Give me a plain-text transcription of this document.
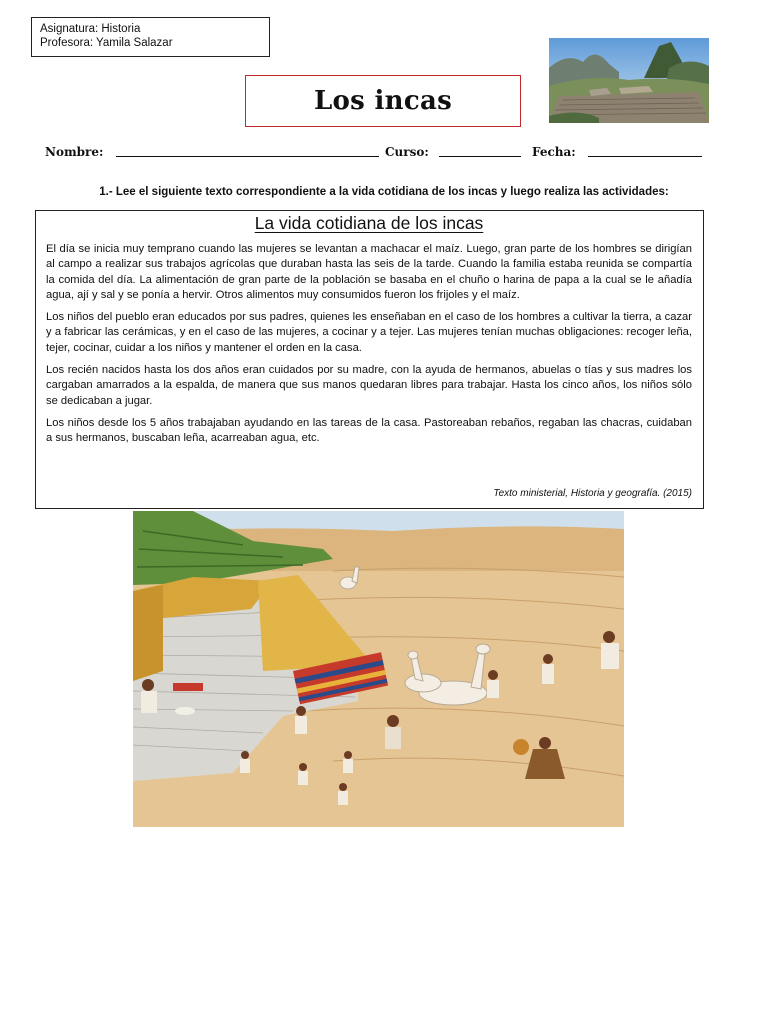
Asignatura: Historia
Profesora: Yamila Salazar
Los incas
Nombre:	Curso:	Fecha:
1.- Lee el siguiente texto correspondiente a la vida cotidiana de los incas y luego realiza las actividades:
La vida cotidiana de los incas

El día se inicia muy temprano cuando las mujeres se levantan a machacar el maíz. Luego, gran parte de los hombres se dirigían al campo a realizar sus trabajos agrícolas que duraban hasta las seis de la tarde. Cuando la familia estaba reunida se compartía la comida del día. La alimentación de gran parte de la población se basaba en el chuño o harina de papa a la cual se le añadía agua, ají y sal y se ponía a hervir. Otros alimentos muy consumidos fueron los frijoles y el maíz.

Los niños del pueblo eran educados por sus padres, quienes les enseñaban en el caso de los hombres a cultivar la tierra, a cazar y a fabricar las cerámicas, y en el caso de las mujeres, a cocinar y a tejer. Las mujeres tenían muchas obligaciones: recoger leña, tejer, cocinar, cuidar a los niños y mantener el orden en la casa.

Los recién nacidos hasta los dos años eran cuidados por su madre, con la ayuda de hermanos, abuelas o tías y sus madres los cargaban amarrados a la espalda, de manera que sus manos quedaran libres para trabajar. Hasta los cinco años, los niños sólo se dedicaban a jugar.

Los niños desde los 5 años trabajaban ayudando en las tareas de la casa. Pastoreaban rebaños, regaban las chacras, cuidaban a sus hermanos, buscaban leña, acarreaban agua, etc.

Texto ministerial, Historia y geografía. (2015)
